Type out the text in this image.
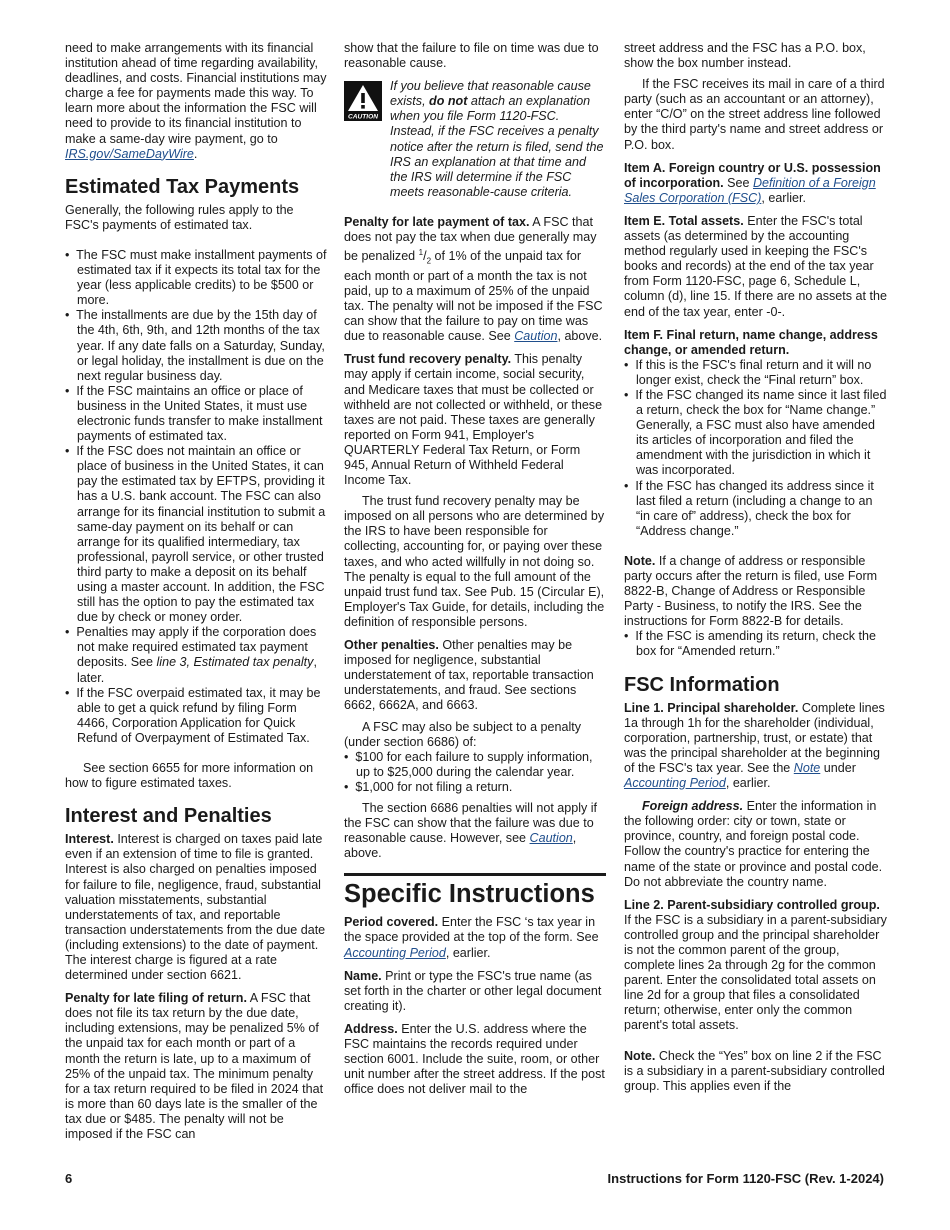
need to make arrangements with its financial institution ahead of time regarding availability, deadlines, and costs. Financial institutions may charge a fee for payments made this way. To learn more about the information the FSC will need to provide to its financial institution to make a same-day wire payment, go to IRS.gov/SameDayWire.

Estimated Tax Payments

Generally, the following rules apply to the FSC's payments of estimated tax.

•  The FSC must make installment payments of estimated tax if it expects its total tax for the year (less applicable credits) to be $500 or more.

•  The installments are due by the 15th day of the 4th, 6th, 9th, and 12th months of the tax year. If any date falls on a Saturday, Sunday, or legal holiday, the installment is due on the next regular business day.

•  If the FSC maintains an office or place of business in the United States, it must use electronic funds transfer to make installment payments of estimated tax.

•  If the FSC does not maintain an office or place of business in the United States, it can pay the estimated tax by EFTPS, providing it has a U.S. bank account. The FSC can also arrange for its financial institution to submit a same-day payment on its behalf or can arrange for its qualified intermediary, tax professional, payroll service, or other trusted third party to make a deposit on its behalf using a master account. In addition, the FSC still has the option to pay the estimated tax due by check or money order.

•  Penalties may apply if the corporation does not make required estimated tax payment deposits. See line 3, Estimated tax penalty, later.

•  If the FSC overpaid estimated tax, it may be able to get a quick refund by filing Form 4466, Corporation Application for Quick Refund of Overpayment of Estimated Tax.

See section 6655 for more information on how to figure estimated taxes.

Interest and Penalties

Interest. Interest is charged on taxes paid late even if an extension of time to file is granted. Interest is also charged on penalties imposed for failure to file, negligence, fraud, substantial valuation misstatements, substantial understatements of tax, and reportable transaction understatements from the due date (including extensions) to the date of payment. The interest charge is figured at a rate determined under section 6621.

Penalty for late filing of return. A FSC that does not file its tax return by the due date, including extensions, may be penalized 5% of the unpaid tax for each month or part of a month the return is late, up to a maximum of 25% of the unpaid tax. The minimum penalty for a tax return required to be filed in 2024 that is more than 60 days late is the smaller of the tax due or $485. The penalty will not be imposed if the FSC can

show that the failure to file on time was due to reasonable cause.

CAUTION
If you believe that reasonable cause exists, do not attach an explanation when you file Form 1120-FSC. Instead, if the FSC receives a penalty notice after the return is filed, send the IRS an explanation at that time and the IRS will determine if the FSC meets reasonable-cause criteria.

Penalty for late payment of tax. A FSC that does not pay the tax when due generally may be penalized $^1/_2$ of 1% of the unpaid tax for each month or part of a month the tax is not paid, up to a maximum of 25% of the unpaid tax. The penalty will not be imposed if the FSC can show that the failure to pay on time was due to reasonable cause. See Caution, above.

Trust fund recovery penalty. This penalty may apply if certain income, social security, and Medicare taxes that must be collected or withheld are not collected or withheld, or these taxes are not paid. These taxes are generally reported on Form 941, Employer's QUARTERLY Federal Tax Return, or Form 945, Annual Return of Withheld Federal Income Tax.

The trust fund recovery penalty may be imposed on all persons who are determined by the IRS to have been responsible for collecting, accounting for, or paying over these taxes, and who acted willfully in not doing so. The penalty is equal to the full amount of the unpaid trust fund tax. See Pub. 15 (Circular E), Employer's Tax Guide, for details, including the definition of responsible persons.

Other penalties. Other penalties may be imposed for negligence, substantial understatement of tax, reportable transaction understatements, and fraud. See sections 6662, 6662A, and 6663.

A FSC may also be subject to a penalty (under section 6686) of:

•  $100 for each failure to supply information, up to $25,000 during the calendar year.

•  $1,000 for not filing a return.

The section 6686 penalties will not apply if the FSC can show that the failure was due to reasonable cause. However, see Caution, above.

Specific Instructions

Period covered. Enter the FSC ‘s tax year in the space provided at the top of the form. See Accounting Period, earlier.

Name. Print or type the FSC's true name (as set forth in the charter or other legal document creating it).

Address. Enter the U.S. address where the FSC maintains the records required under section 6001. Include the suite, room, or other unit number after the street address. If the post office does not deliver mail to the

street address and the FSC has a P.O. box, show the box number instead.

If the FSC receives its mail in care of a third party (such as an accountant or an attorney), enter “C/O” on the street address line followed by the third party's name and street address or P.O. box.

Item A. Foreign country or U.S. possession of incorporation. See Definition of a Foreign Sales Corporation (FSC), earlier.

Item E. Total assets. Enter the FSC's total assets (as determined by the accounting method regularly used in keeping the FSC's books and records) at the end of the tax year from Form 1120-FSC, page 6, Schedule L, column (d), line 15. If there are no assets at the end of the tax year, enter -0-.

Item F. Final return, name change, address change, or amended return.

•  If this is the FSC's final return and it will no longer exist, check the “Final return” box.

•  If the FSC changed its name since it last filed a return, check the box for “Name change.” Generally, a FSC must also have amended its articles of incorporation and filed the amendment with the jurisdiction in which it was incorporated.

•  If the FSC has changed its address since it last filed a return (including a change to an “in care of” address), check the box for “Address change.”

Note. If a change of address or responsible party occurs after the return is filed, use Form 8822-B, Change of Address or Responsible Party - Business, to notify the IRS. See the instructions for Form 8822-B for details.

•  If the FSC is amending its return, check the box for “Amended return.”

FSC Information

Line 1. Principal shareholder. Complete lines 1a through 1h for the shareholder (individual, corporation, partnership, trust, or estate) that was the principal shareholder at the beginning of the FSC's tax year. See the Note under Accounting Period, earlier.

Foreign address. Enter the information in the following order: city or town, state or province, country, and foreign postal code. Follow the country's practice for entering the name of the state or province and postal code. Do not abbreviate the country name.

Line 2. Parent-subsidiary controlled group. If the FSC is a subsidiary in a parent-subsidiary controlled group and the principal shareholder is not the common parent of the group, complete lines 2a through 2g for the common parent. Enter the consolidated total assets on line 2d for a group that files a consolidated return; otherwise, enter only the common parent's total assets.

Note. Check the “Yes” box on line 2 if the FSC is a subsidiary in a parent-subsidiary controlled group. This applies even if the

6	Instructions for Form 1120-FSC (Rev. 1-2024)
